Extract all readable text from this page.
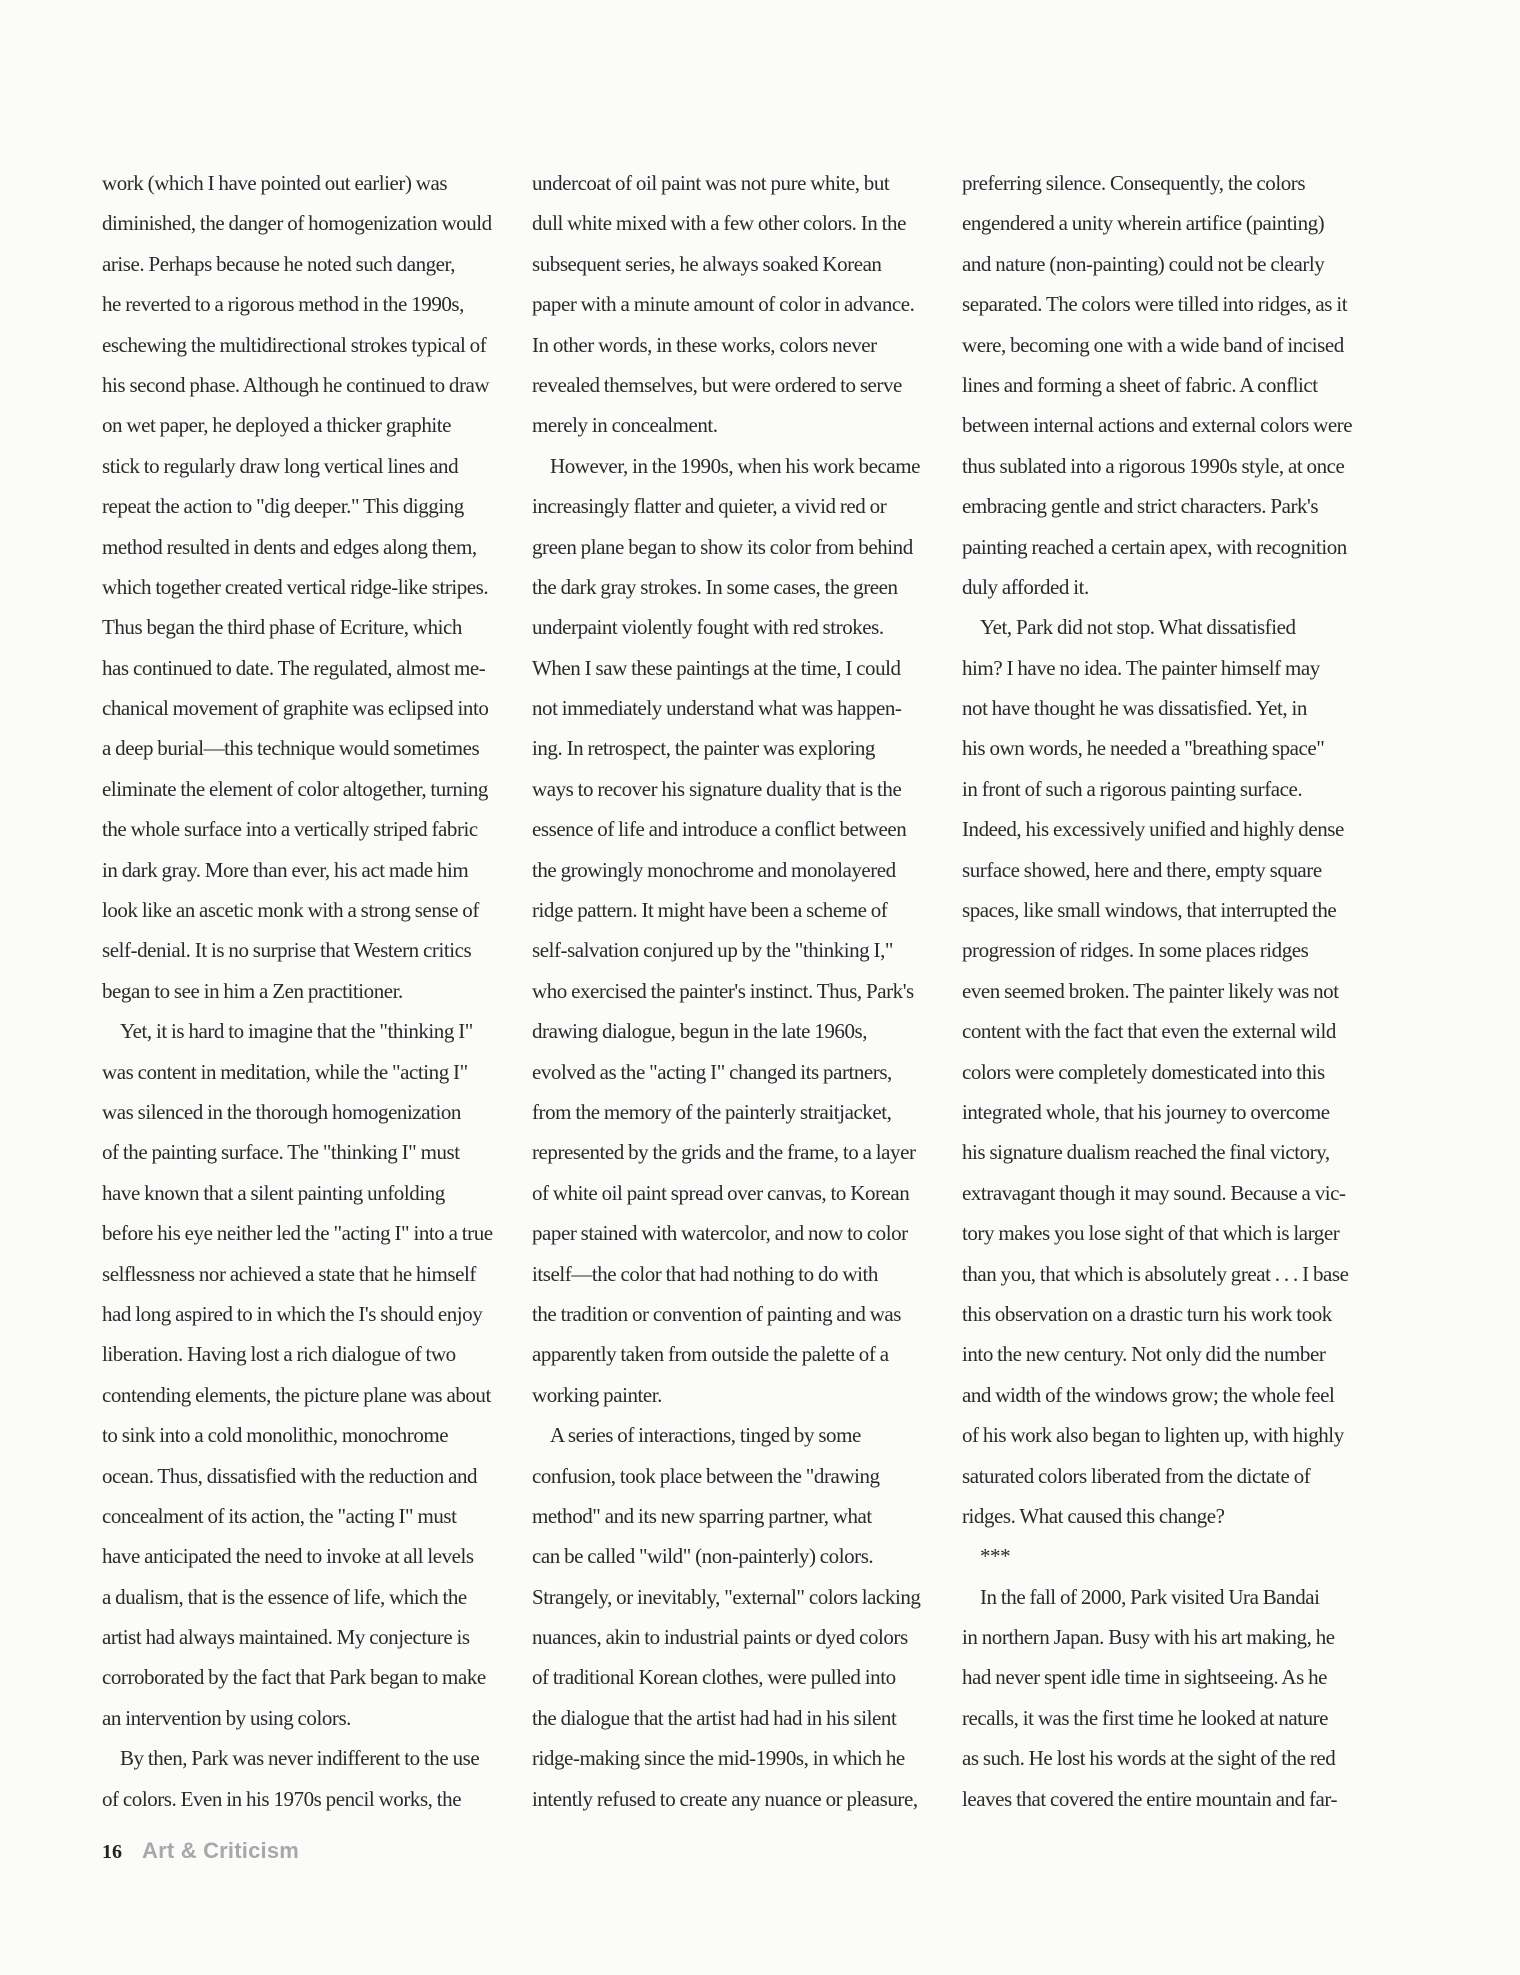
work (which I have pointed out earlier) was
diminished, the danger of homogenization would
arise. Perhaps because he noted such danger,
he reverted to a rigorous method in the 1990s,
eschewing the multidirectional strokes typical of
his second phase. Although he continued to draw
on wet paper, he deployed a thicker graphite
stick to regularly draw long vertical lines and
repeat the action to "dig deeper." This digging
method resulted in dents and edges along them,
which together created vertical ridge-like stripes.
Thus began the third phase of Ecriture, which
has continued to date. The regulated, almost me-
chanical movement of graphite was eclipsed into
a deep burial—this technique would sometimes
eliminate the element of color altogether, turning
the whole surface into a vertically striped fabric
in dark gray. More than ever, his act made him
look like an ascetic monk with a strong sense of
self-denial. It is no surprise that Western critics
began to see in him a Zen practitioner.
Yet, it is hard to imagine that the "thinking I"
was content in meditation, while the "acting I"
was silenced in the thorough homogenization
of the painting surface. The "thinking I" must
have known that a silent painting unfolding
before his eye neither led the "acting I" into a true
selflessness nor achieved a state that he himself
had long aspired to in which the I's should enjoy
liberation. Having lost a rich dialogue of two
contending elements, the picture plane was about
to sink into a cold monolithic, monochrome
ocean. Thus, dissatisfied with the reduction and
concealment of its action, the "acting I" must
have anticipated the need to invoke at all levels
a dualism, that is the essence of life, which the
artist had always maintained. My conjecture is
corroborated by the fact that Park began to make
an intervention by using colors.
By then, Park was never indifferent to the use
of colors. Even in his 1970s pencil works, the
undercoat of oil paint was not pure white, but
dull white mixed with a few other colors. In the
subsequent series, he always soaked Korean
paper with a minute amount of color in advance.
In other words, in these works, colors never
revealed themselves, but were ordered to serve
merely in concealment.
However, in the 1990s, when his work became
increasingly flatter and quieter, a vivid red or
green plane began to show its color from behind
the dark gray strokes. In some cases, the green
underpaint violently fought with red strokes.
When I saw these paintings at the time, I could
not immediately understand what was happen-
ing. In retrospect, the painter was exploring
ways to recover his signature duality that is the
essence of life and introduce a conflict between
the growingly monochrome and monolayered
ridge pattern. It might have been a scheme of
self-salvation conjured up by the "thinking I,"
who exercised the painter's instinct. Thus, Park's
drawing dialogue, begun in the late 1960s,
evolved as the "acting I" changed its partners,
from the memory of the painterly straitjacket,
represented by the grids and the frame, to a layer
of white oil paint spread over canvas, to Korean
paper stained with watercolor, and now to color
itself—the color that had nothing to do with
the tradition or convention of painting and was
apparently taken from outside the palette of a
working painter.
A series of interactions, tinged by some
confusion, took place between the "drawing
method" and its new sparring partner, what
can be called "wild" (non-painterly) colors.
Strangely, or inevitably, "external" colors lacking
nuances, akin to industrial paints or dyed colors
of traditional Korean clothes, were pulled into
the dialogue that the artist had had in his silent
ridge-making since the mid-1990s, in which he
intently refused to create any nuance or pleasure,
preferring silence. Consequently, the colors
engendered a unity wherein artifice (painting)
and nature (non-painting) could not be clearly
separated. The colors were tilled into ridges, as it
were, becoming one with a wide band of incised
lines and forming a sheet of fabric. A conflict
between internal actions and external colors were
thus sublated into a rigorous 1990s style, at once
embracing gentle and strict characters. Park's
painting reached a certain apex, with recognition
duly afforded it.
Yet, Park did not stop. What dissatisfied
him? I have no idea. The painter himself may
not have thought he was dissatisfied. Yet, in
his own words, he needed a "breathing space"
in front of such a rigorous painting surface.
Indeed, his excessively unified and highly dense
surface showed, here and there, empty square
spaces, like small windows, that interrupted the
progression of ridges. In some places ridges
even seemed broken. The painter likely was not
content with the fact that even the external wild
colors were completely domesticated into this
integrated whole, that his journey to overcome
his signature dualism reached the final victory,
extravagant though it may sound. Because a vic-
tory makes you lose sight of that which is larger
than you, that which is absolutely great . . . I base
this observation on a drastic turn his work took
into the new century. Not only did the number
and width of the windows grow; the whole feel
of his work also began to lighten up, with highly
saturated colors liberated from the dictate of
ridges. What caused this change?
***
In the fall of 2000, Park visited Ura Bandai
in northern Japan. Busy with his art making, he
had never spent idle time in sightseeing. As he
recalls, it was the first time he looked at nature
as such. He lost his words at the sight of the red
leaves that covered the entire mountain and far-
16 Art & Criticism
